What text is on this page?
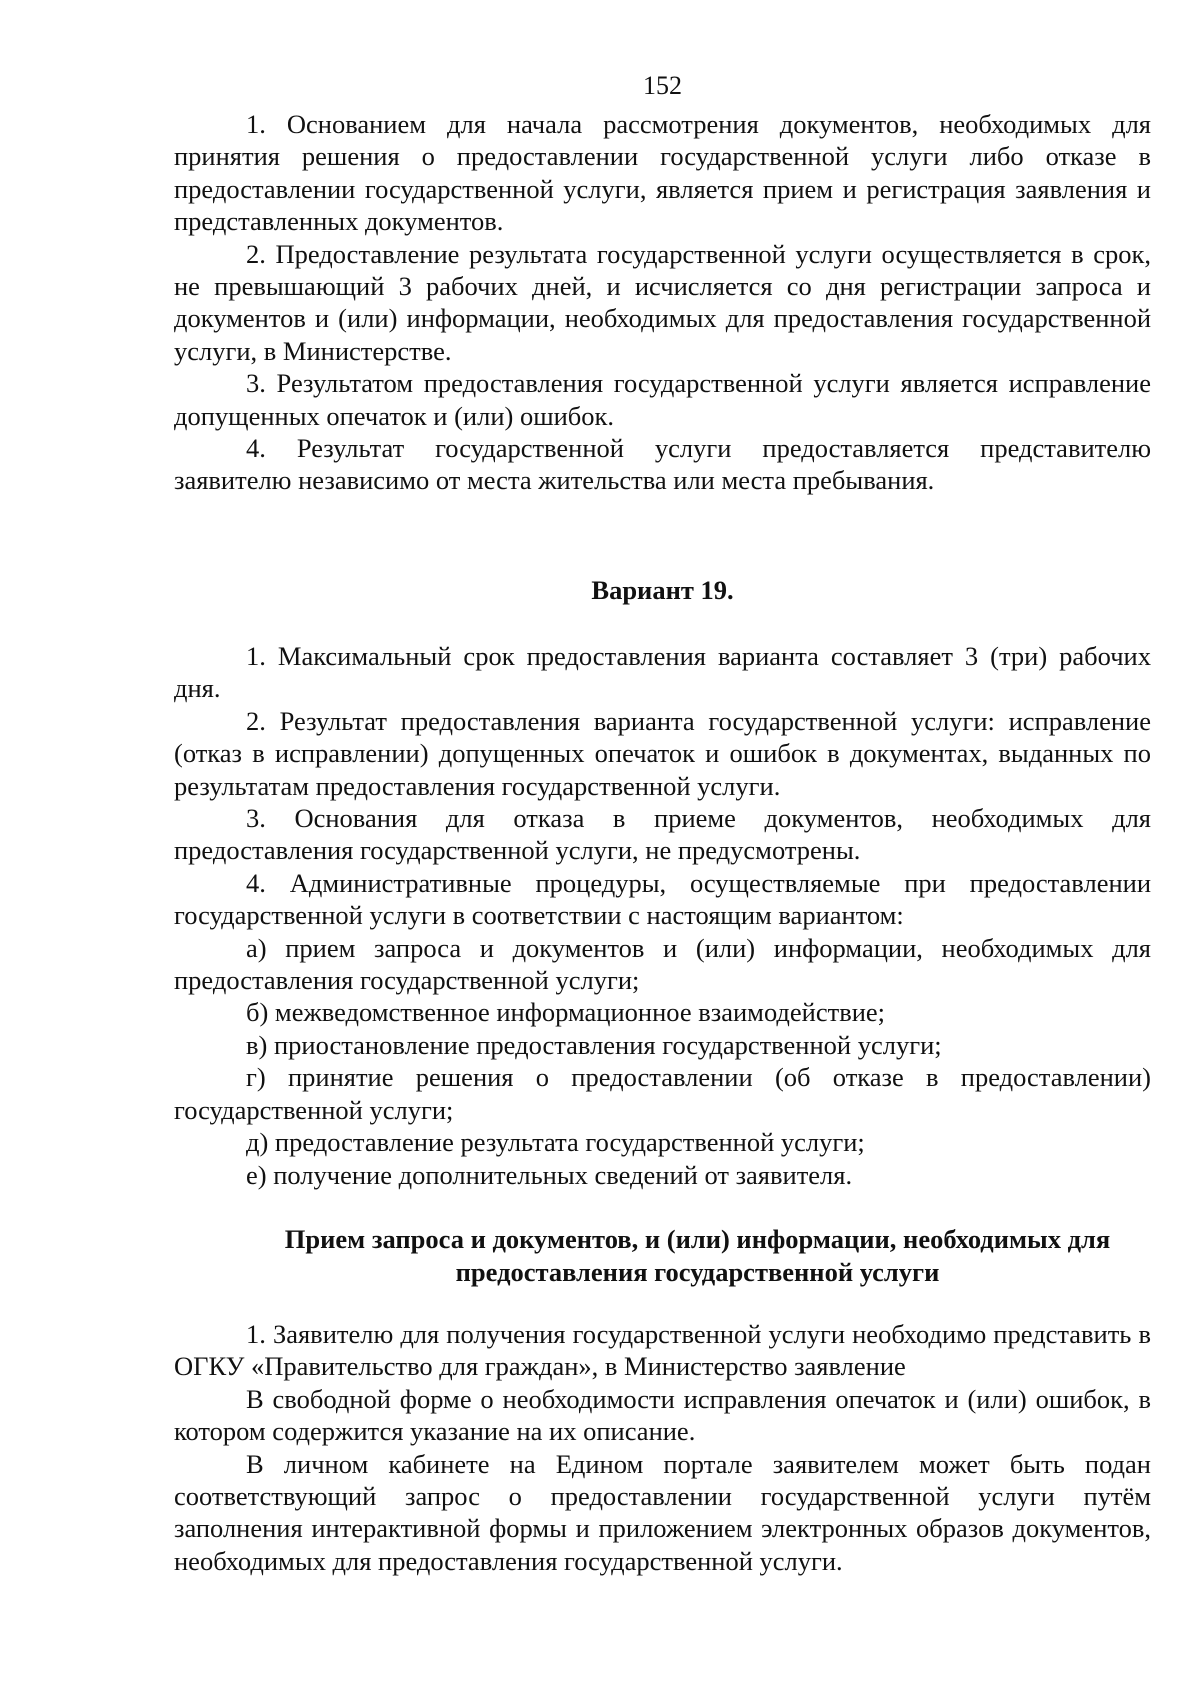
152

1. Основанием для начала рассмотрения документов, необходимых для принятия решения о предоставлении государственной услуги либо отказе в предоставлении государственной услуги, является прием и регистрация заявления и представленных документов.

2. Предоставление результата государственной услуги осуществляется в срок, не превышающий 3 рабочих дней, и исчисляется со дня регистрации запроса и документов и (или) информации, необходимых для предоставления государственной услуги, в Министерстве.

3. Результатом предоставления государственной услуги является исправление допущенных опечаток и (или) ошибок.

4. Результат государственной услуги предоставляется представителю заявителю независимо от места жительства или места пребывания.

Вариант 19.

1. Максимальный срок предоставления варианта составляет 3 (три) рабочих дня.

2. Результат предоставления варианта государственной услуги: исправление (отказ в исправлении) допущенных опечаток и ошибок в документах, выданных по результатам предоставления государственной услуги.

3. Основания для отказа в приеме документов, необходимых для предоставления государственной услуги, не предусмотрены.

4. Административные процедуры, осуществляемые при предоставлении государственной услуги в соответствии с настоящим вариантом:

а) прием запроса и документов и (или) информации, необходимых для предоставления государственной услуги;

б) межведомственное информационное взаимодействие;

в) приостановление предоставления государственной услуги;

г) принятие решения о предоставлении (об отказе в предоставлении) государственной услуги;

д) предоставление результата государственной услуги;

е) получение дополнительных сведений от заявителя.

Прием запроса и документов, и (или) информации, необходимых для

предоставления государственной услуги

1. Заявителю для получения государственной услуги необходимо представить в ОГКУ «Правительство для граждан», в Министерство заявление

В свободной форме о необходимости исправления опечаток и (или) ошибок, в котором содержится указание на их описание.

В личном кабинете на Едином портале заявителем может быть подан соответствующий запрос о предоставлении государственной услуги путём заполнения интерактивной формы и приложением электронных образов документов, необходимых для предоставления государственной услуги.
